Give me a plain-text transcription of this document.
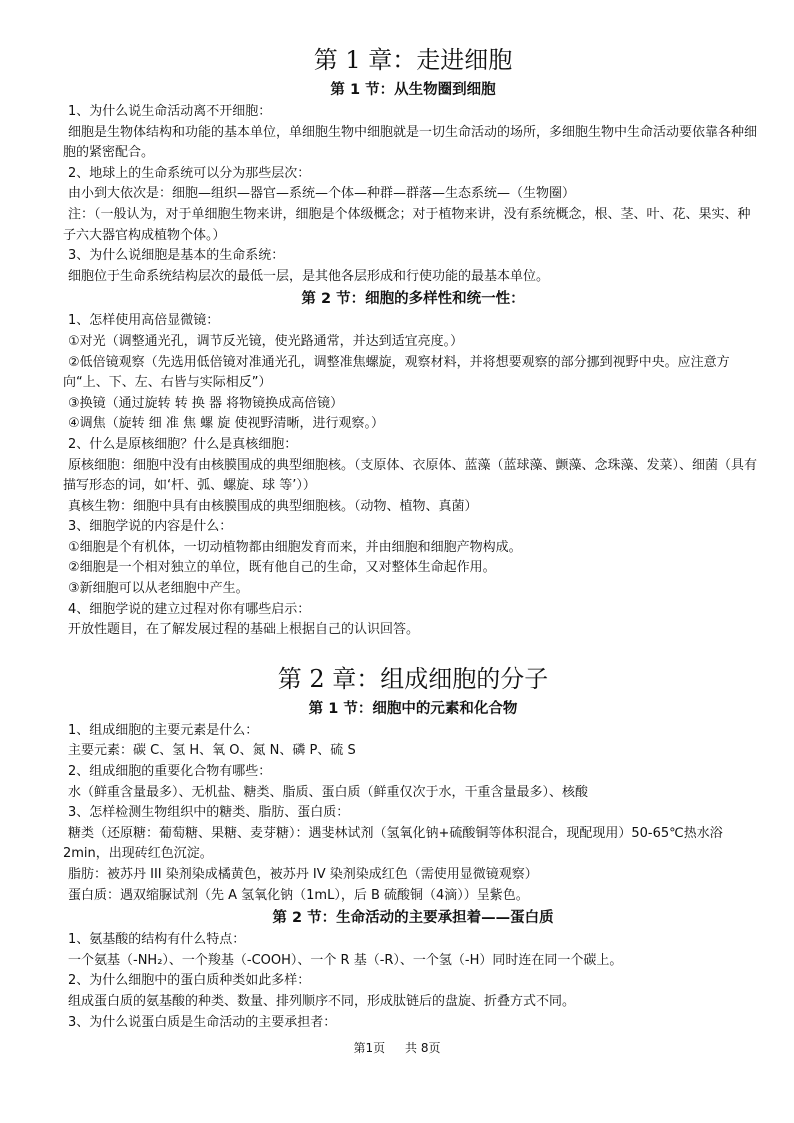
第 1 章：走进细胞
第 1 节：从生物圈到细胞

1、为什么说生命活动离不开细胞：

细胞是生物体结构和功能的基本单位，单细胞生物中细胞就是一切生命活动的场所，多细胞生物中生命活动要依靠各种细胞的紧密配合。

2、地球上的生命系统可以分为那些层次：

由小到大依次是：细胞—组织—器官—系统—个体—种群—群落—生态系统—（生物圈）

注：（一般认为，对于单细胞生物来讲，细胞是个体级概念；对于植物来讲，没有系统概念，根、茎、叶、花、果实、种子六大器官构成植物个体。）

3、为什么说细胞是基本的生命系统：

细胞位于生命系统结构层次的最低一层，是其他各层形成和行使功能的最基本单位。

第 2 节：细胞的多样性和统一性：

1、怎样使用高倍显微镜：

①对光（调整通光孔，调节反光镜，使光路通常，并达到适宜亮度。）

②低倍镜观察（先选用低倍镜对准通光孔，调整准焦螺旋，观察材料，并将想要观察的部分挪到视野中央。应注意方向“上、下、左、右皆与实际相反”）

③换镜（通过旋转 转 换 器 将物镜换成高倍镜）

④调焦（旋转 细 准 焦 螺 旋 使视野清晰，进行观察。）

2、什么是原核细胞？什么是真核细胞：

原核细胞：细胞中没有由核膜围成的典型细胞核。（支原体、衣原体、蓝藻（蓝球藻、颤藻、念珠藻、发菜）、细菌（具有描写形态的词，如‘杆、弧、螺旋、球 等’））

真核生物：细胞中具有由核膜围成的典型细胞核。（动物、植物、真菌）

3、细胞学说的内容是什么：

①细胞是个有机体，一切动植物都由细胞发育而来，并由细胞和细胞产物构成。

②细胞是一个相对独立的单位，既有他自己的生命，又对整体生命起作用。

③新细胞可以从老细胞中产生。

4、细胞学说的建立过程对你有哪些启示：

开放性题目，在了解发展过程的基础上根据自己的认识回答。

第 2 章：组成细胞的分子
第 1 节：细胞中的元素和化合物

1、组成细胞的主要元素是什么：

主要元素：碳 C、氢 H、氧 O、氮 N、磷 P、硫 S

2、组成细胞的重要化合物有哪些：

水（鲜重含量最多）、无机盐、糖类、脂质、蛋白质（鲜重仅次于水，干重含量最多）、核酸

3、怎样检测生物组织中的糖类、脂肪、蛋白质：

糖类（还原糖：葡萄糖、果糖、麦芽糖）：遇斐林试剂（氢氧化钠+硫酸铜等体积混合，现配现用）50-65℃热水浴 2min，出现砖红色沉淀。

脂肪：被苏丹 III 染剂染成橘黄色，被苏丹 IV 染剂染成红色（需使用显微镜观察）

蛋白质：遇双缩脲试剂（先 A 氢氧化钠（1mL），后 B 硫酸铜（4滴））呈紫色。

第 2 节：生命活动的主要承担着——蛋白质

1、氨基酸的结构有什么特点：

一个氨基（-NH₂）、一个羧基（-COOH）、一个 R 基（-R）、一个氢（-H）同时连在同一个碳上。

2、为什么细胞中的蛋白质种类如此多样：

组成蛋白质的氨基酸的种类、数量、排列顺序不同，形成肽链后的盘旋、折叠方式不同。

3、为什么说蛋白质是生命活动的主要承担者：

第1页 共 8页
